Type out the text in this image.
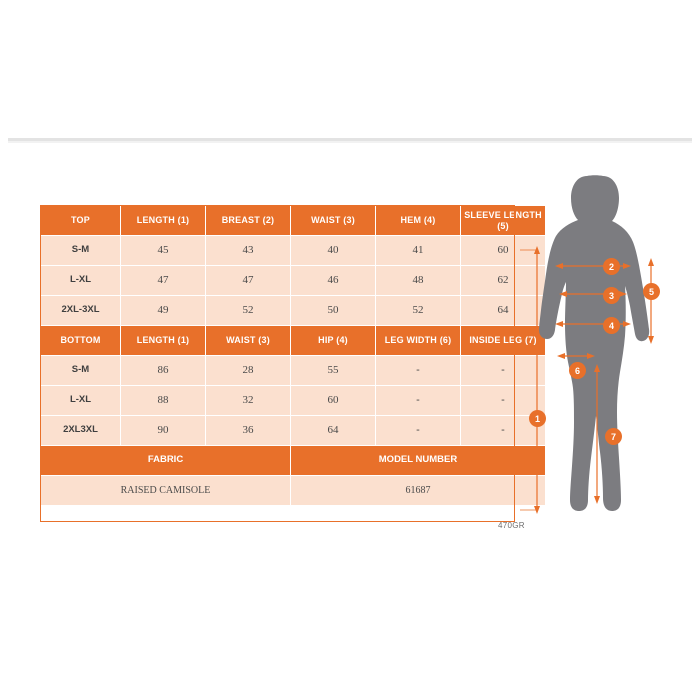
TOP	LENGTH (1)	BREAST (2)	WAIST (3)	HEM (4)	SLEEVE LENGTH (5)
S-M	45	43	40	41	60
L-XL	47	47	46	48	62
2XL-3XL	49	52	50	52	64
BOTTOM	LENGTH (1)	WAIST (3)	HIP (4)	LEG WIDTH (6)	INSIDE LEG (7)
S-M	86	28	55	-	-
L-XL	88	32	60	-	-
2XL3XL	90	36	64	-	-
FABRIC			MODEL NUMBER		
RAISED CAMISOLE			61687		
1
2
3
4
5
6
7
470GR
